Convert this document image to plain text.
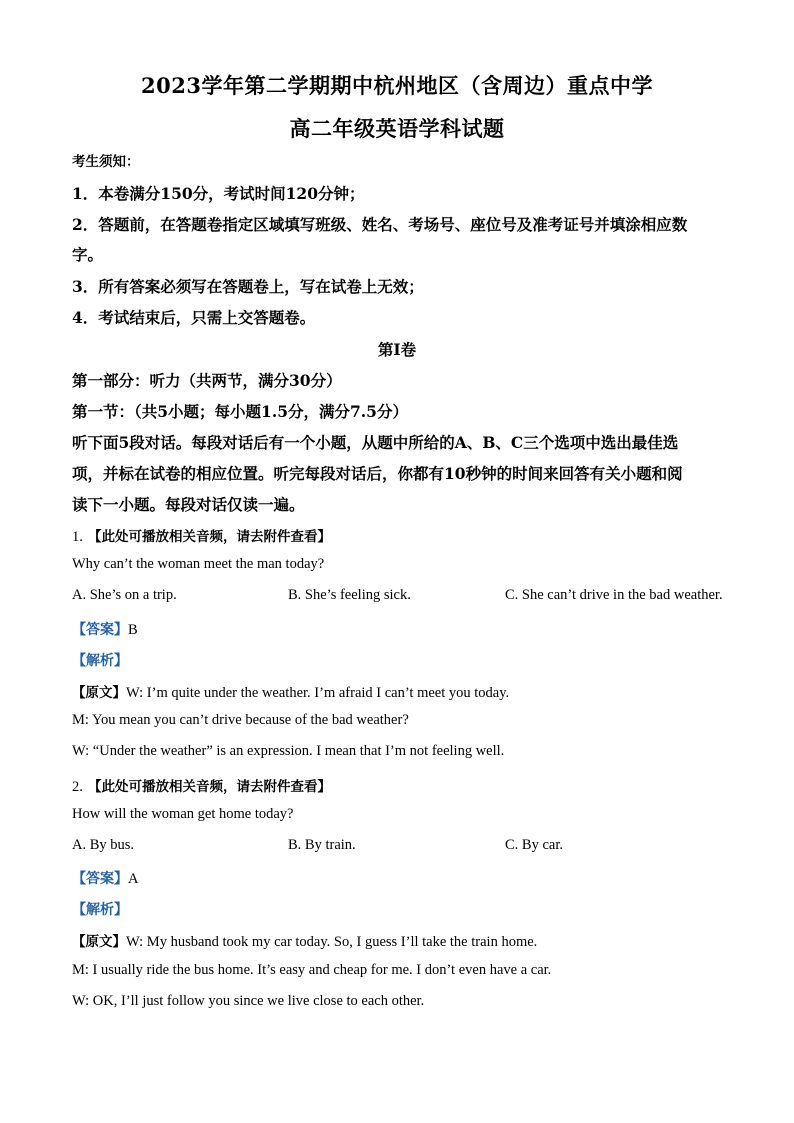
2023学年第二学期期中杭州地区（含周边）重点中学
高二年级英语学科试题
考生须知：
1．本卷满分150分，考试时间120分钟；
2．答题前，在答题卷指定区域填写班级、姓名、考场号、座位号及准考证号并填涂相应数
字。
3．所有答案必须写在答题卷上，写在试卷上无效；
4．考试结束后，只需上交答题卷。
第Ⅰ卷
第一部分：听力（共两节，满分30分）
第一节：（共5小题；每小题1.5分，满分7.5分）
听下面5段对话。每段对话后有一个小题，从题中所给的A、B、C三个选项中选出最佳选
项，并标在试卷的相应位置。听完每段对话后，你都有10秒钟的时间来回答有关小题和阅
读下一小题。每段对话仅读一遍。
1. 【此处可播放相关音频，请去附件查看】
Why can’t the woman meet the man today?
A. She’s on a trip.	B. She’s feeling sick.	C. She can’t drive in the bad weather.
【答案】B
【解析】
【原文】W: I’m quite under the weather. I’m afraid I can’t meet you today.
M: You mean you can’t drive because of the bad weather?
W: “Under the weather” is an expression. I mean that I’m not feeling well.
2. 【此处可播放相关音频，请去附件查看】
How will the woman get home today?
A. By bus.	B. By train.	C. By car.
【答案】A
【解析】
【原文】W: My husband took my car today. So, I guess I’ll take the train home.
M: I usually ride the bus home. It’s easy and cheap for me. I don’t even have a car.
W: OK, I’ll just follow you since we live close to each other.
